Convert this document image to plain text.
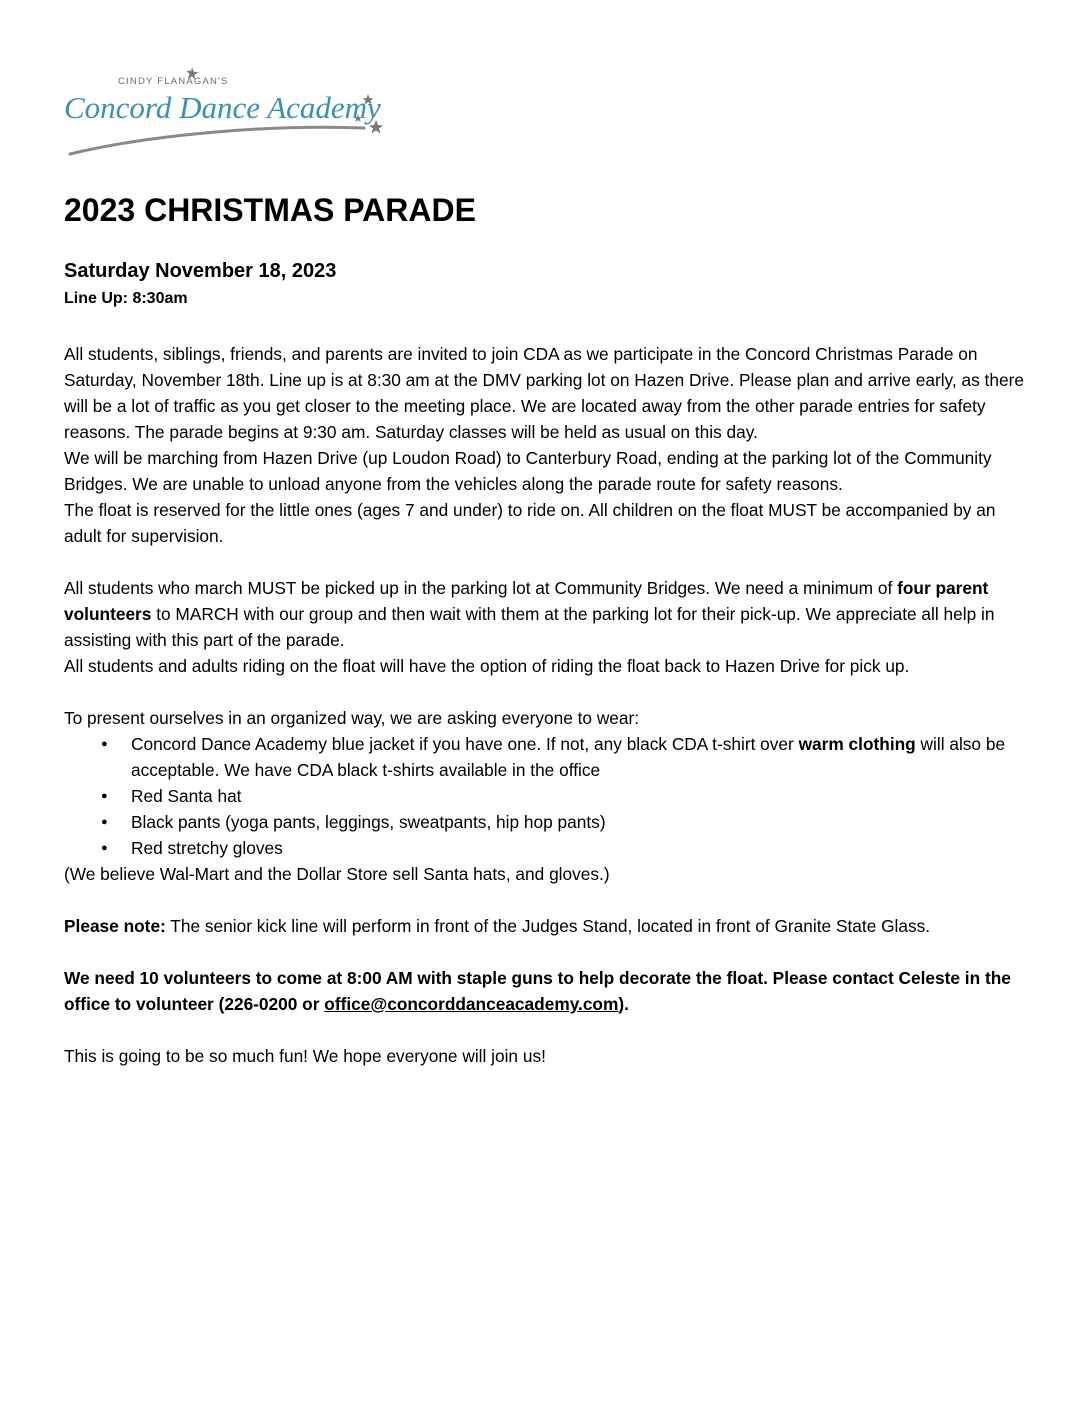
CINDY FLANAGAN'S
Concord Dance Academy
2023 CHRISTMAS PARADE
Saturday November 18, 2023
Line Up: 8:30am

All students, siblings, friends, and parents are invited to join CDA as we participate in the Concord Christmas Parade on Saturday, November 18th. Line up is at 8:30 am at the DMV parking lot on Hazen Drive. Please plan and arrive early, as there will be a lot of traffic as you get closer to the meeting place. We are located away from the other parade entries for safety reasons. The parade begins at 9:30 am. Saturday classes will be held as usual on this day.

We will be marching from Hazen Drive (up Loudon Road) to Canterbury Road, ending at the parking lot of the Community Bridges. We are unable to unload anyone from the vehicles along the parade route for safety reasons.

The float is reserved for the little ones (ages 7 and under) to ride on. All children on the float MUST be accompanied by an adult for supervision.

All students who march MUST be picked up in the parking lot at Community Bridges. We need a minimum of four parent volunteers to MARCH with our group and then wait with them at the parking lot for their pick-up. We appreciate all help in assisting with this part of the parade.

All students and adults riding on the float will have the option of riding the float back to Hazen Drive for pick up.

To present ourselves in an organized way, we are asking everyone to wear:

● Concord Dance Academy blue jacket if you have one. If not, any black CDA t-shirt over warm clothing will also be acceptable. We have CDA black t-shirts available in the office
● Red Santa hat
● Black pants (yoga pants, leggings, sweatpants, hip hop pants)
● Red stretchy gloves

(We believe Wal-Mart and the Dollar Store sell Santa hats, and gloves.)

Please note: The senior kick line will perform in front of the Judges Stand, located in front of Granite State Glass.

We need 10 volunteers to come at 8:00 AM with staple guns to help decorate the float. Please contact Celeste in the office to volunteer (226-0200 or office@concorddanceacademy.com).

This is going to be so much fun! We hope everyone will join us!
